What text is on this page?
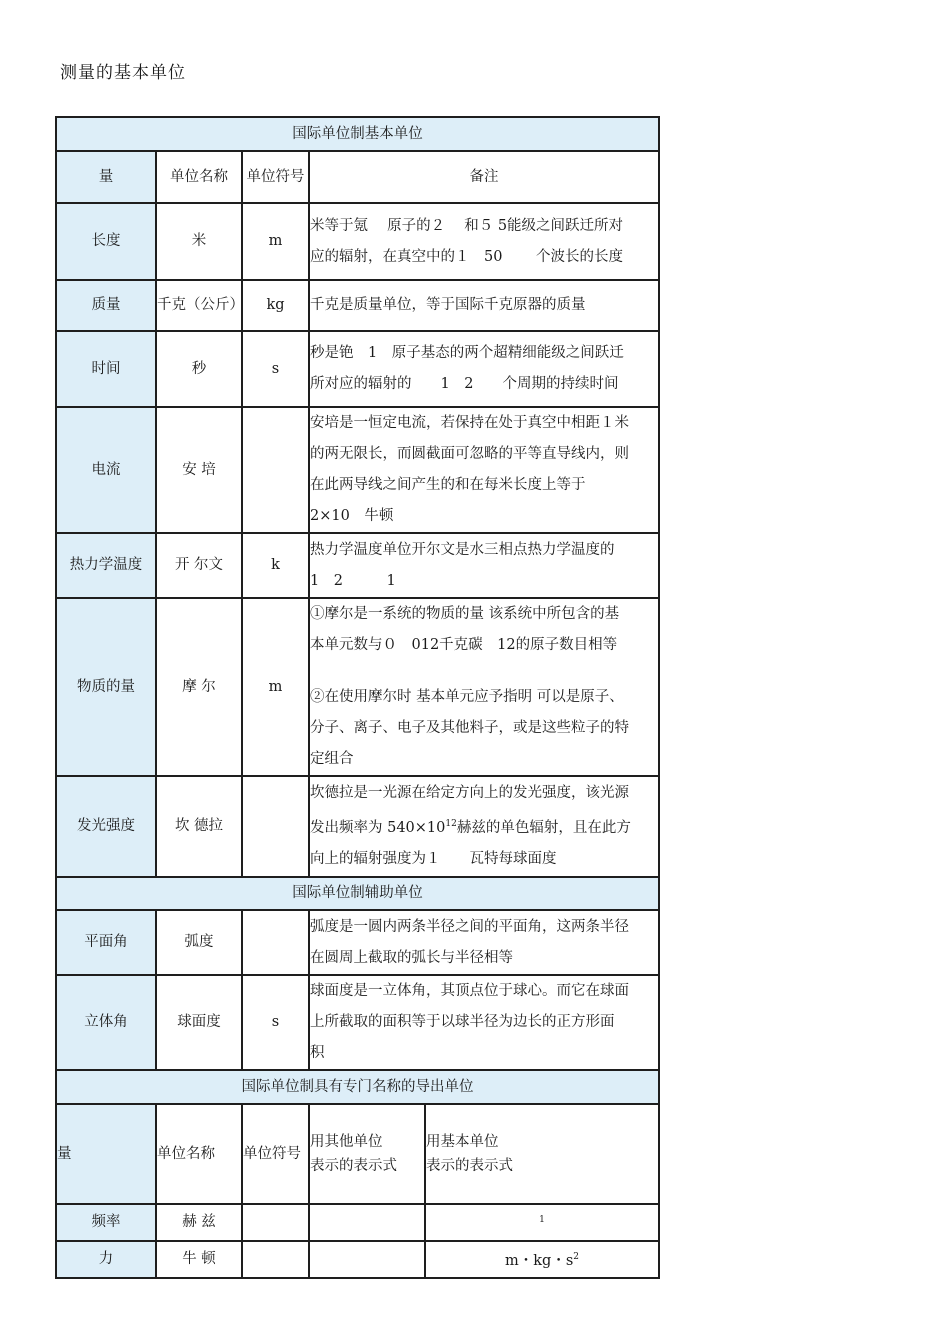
测量的基本单位
国际单位制基本单位				
量	单位名称	单位符号	备注	
长度	米	m	米等于氪　 原子的２　 和５ 5能级之间跃迁所对
应的辐射，在真空中的１　50　　 个波长的长度	

质量	千克（公斤）	kg	千克是质量单位，等于国际千克原器的质量	

时间	秒	s	秒是铯　1　原子基态的两个超精细能级之间跃迁
所对应的辐射的　　1　2　　个周期的持续时间	

电流	安 培		安培是一恒定电流，若保持在处于真空中相距１米
的两无限长，而圆截面可忽略的平等直导线内，则
在此两导线之间产生的和在每米长度上等于
2×10　牛顿	

热力学温度	开 尔文	k	热力学温度单位开尔文是水三相点热力学温度的
1　2　　　1	

物质的量	摩 尔	m	①摩尔是一系统的物质的量 该系统中所包含的基
本单元数与０　012千克碳　12的原子数目相等
②在使用摩尔时 基本单元应予指明 可以是原子、
分子、离子、电子及其他料子，或是这些粒子的特
定组合	

发光强度	坎 德拉		坎德拉是一光源在给定方向上的发光强度，该光源
发出频率为 $540\times 10^{12}$赫兹的单色辐射，且在此方
向上的辐射强度为１　　瓦特每球面度	

国际单位制辅助单位				
平面角	弧度		弧度是一圆内两条半径之间的平面角，这两条半径
在圆周上截取的弧长与半径相等	

立体角	球面度	s	球面度是一立体角，其顶点位于球心。而它在球面
上所截取的面积等于以球半径为边长的正方形面
积	

国际单位制具有专门名称的导出单位				
量	单位名称	单位符号	用其他单位
表示的表示式	用基本单位
表示的表示式

频率	赫 兹			$^1$
力	牛 顿			m・kg・$s^2$
